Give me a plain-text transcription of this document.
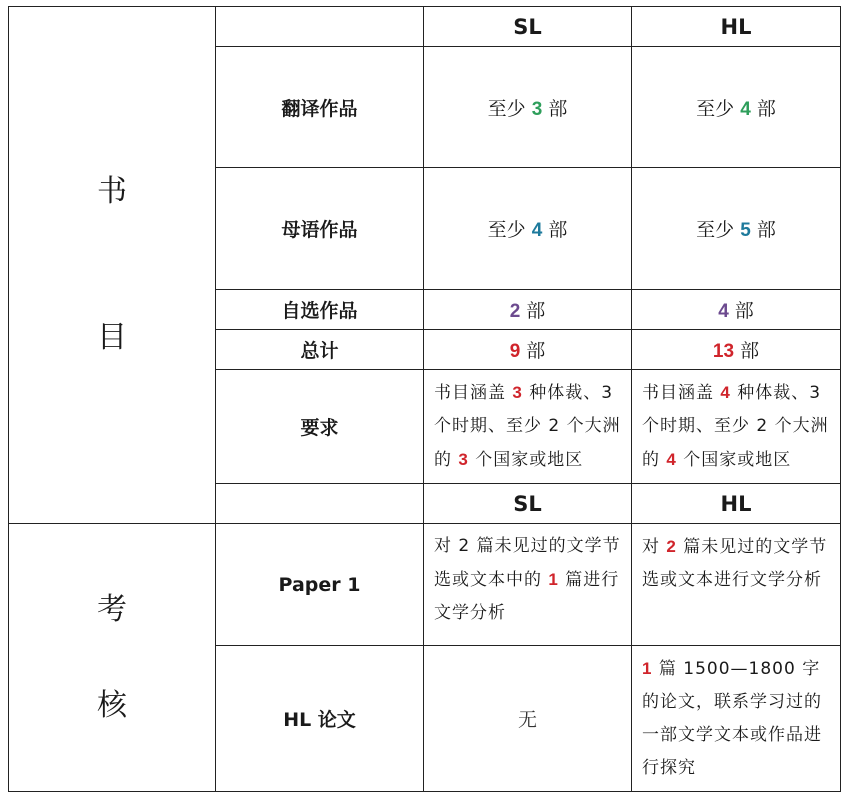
书
目		SL	HL
	翻译作品	至少 3 部	至少 4 部
	母语作品	至少 4 部	至少 5 部
	自选作品	2 部	4 部
	总计	9 部	13 部
	要求	书目涵盖 3 种体裁、3 个时期、至少 2 个大洲的 3 个国家或地区	书目涵盖 4 种体裁、3 个时期、至少 2 个大洲的 4 个国家或地区
		SL	HL

考
核	Paper 1	对 2 篇未见过的文学节选或文本中的 1 篇进行文学分析	对 2 篇未见过的文学节选或文本进行文学分析
	HL 论文	无	1 篇 1500—1800 字的论文，联系学习过的一部文学文本或作品进行探究
